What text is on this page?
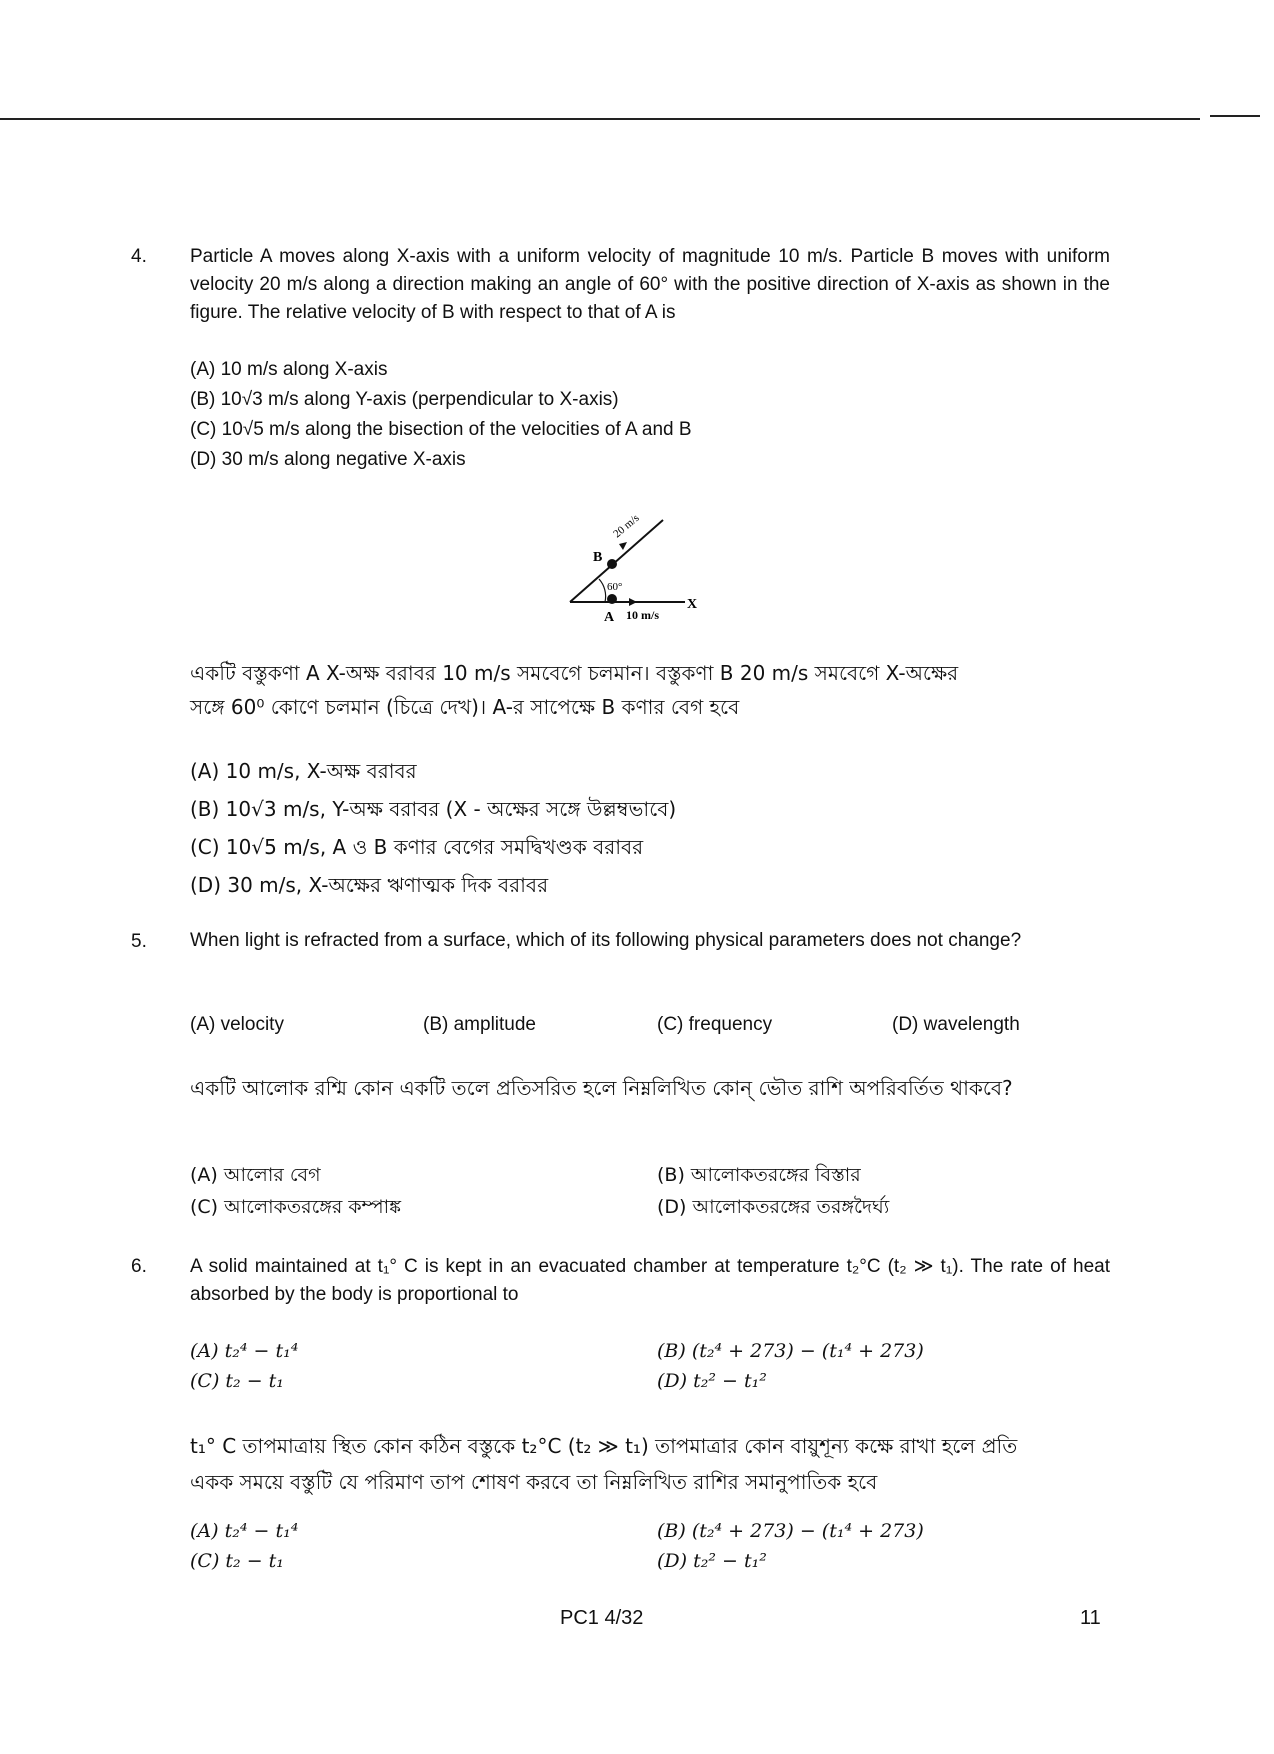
4. Particle A moves along X-axis with a uniform velocity of magnitude 10 m/s. Particle B moves with uniform velocity 20 m/s along a direction making an angle of 60° with the positive direction of X-axis as shown in the figure. The relative velocity of B with respect to that of A is
(A) 10 m/s along X-axis
(B) 10√3 m/s along Y-axis (perpendicular to X-axis)
(C) 10√5 m/s along the bisection of the velocities of A and B
(D) 30 m/s along negative X-axis
B
60°
A 10 m/s
X
20 m/s
একটি বস্তুকণা A X-অক্ষ বরাবর 10 m/s সমবেগে চলমান। বস্তুকণা B 20 m/s সমবেগে X-অক্ষের
সঙ্গে 60⁰ কোণে চলমান (চিত্রে দেখ)। A-র সাপেক্ষে B কণার বেগ হবে
(A) 10 m/s, X-অক্ষ বরাবর
(B) 10√3 m/s, Y-অক্ষ বরাবর (X - অক্ষের সঙ্গে উল্লম্বভাবে)
(C) 10√5 m/s, A ও B কণার বেগের সমদ্বিখণ্ডক বরাবর
(D) 30 m/s, X-অক্ষের ঋণাত্মক দিক বরাবর
5. When light is refracted from a surface, which of its following physical parameters does not change?
(A) velocity	(B) amplitude	(C) frequency	(D) wavelength
একটি আলোক রশ্মি কোন একটি তলে প্রতিসরিত হলে নিম্নলিখিত কোন্ ভৌত রাশি অপরিবর্তিত থাকবে?
(A) আলোর বেগ	(B) আলোকতরঙ্গের বিস্তার
(C) আলোকতরঙ্গের কম্পাঙ্ক	(D) আলোকতরঙ্গের তরঙ্গদৈর্ঘ্য
6. A solid maintained at t₁° C is kept in an evacuated chamber at temperature t₂°C (t₂ ≫ t₁). The rate of heat absorbed by the body is proportional to
(A) t₂⁴ − t₁⁴	(B) (t₂⁴ + 273) − (t₁⁴ + 273)
(C) t₂ − t₁	(D) t₂² − t₁²
t₁° C তাপমাত্রায় স্থিত কোন কঠিন বস্তুকে t₂°C (t₂ ≫ t₁) তাপমাত্রার কোন বায়ুশূন্য কক্ষে রাখা হলে প্রতি
একক সময়ে বস্তুটি যে পরিমাণ তাপ শোষণ করবে তা নিম্নলিখিত রাশির সমানুপাতিক হবে
(A) t₂⁴ − t₁⁴	(B) (t₂⁴ + 273) − (t₁⁴ + 273)
(C) t₂ − t₁	(D) t₂² − t₁²
PC1 4/32	11
